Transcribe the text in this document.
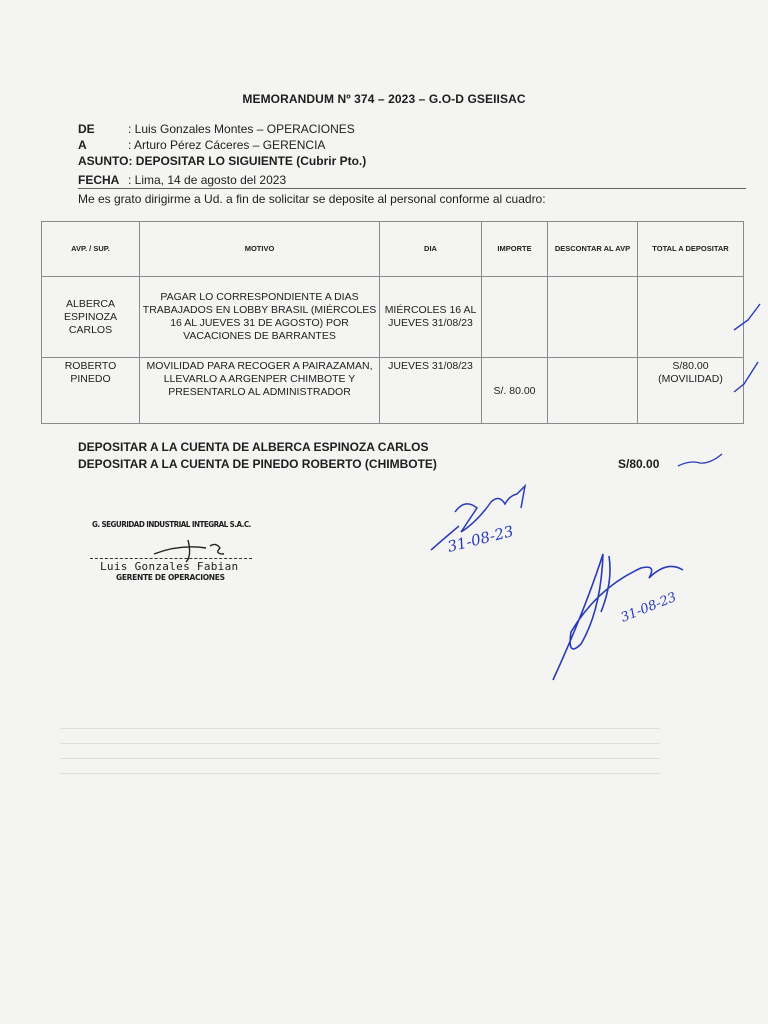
MEMORANDUM Nº 374 – 2023 – G.O-D GSEIISAC
DE	: Luis Gonzales Montes – OPERACIONES
A	: Arturo Pérez Cáceres – GERENCIA
ASUNTO: DEPOSITAR LO SIGUIENTE (Cubrir Pto.)
FECHA : Lima, 14 de agosto del 2023
Me es grato dirigirme a Ud. a fin de solicitar se deposite al personal conforme al cuadro:
AVP. / SUP.	MOTIVO	DIA	IMPORTE	DESCONTAR AL AVP	TOTAL A DEPOSITAR
ALBERCA ESPINOZA CARLOS	PAGAR LO CORRESPONDIENTE A DIAS TRABAJADOS EN LOBBY BRASIL (MIÉRCOLES 16 AL JUEVES 31 DE AGOSTO) POR VACACIONES DE BARRANTES	MIÉRCOLES 16 AL JUEVES 31/08/23			
ROBERTO PINEDO	MOVILIDAD PARA RECOGER A PAIRAZAMAN, LLEVARLO A ARGENPER CHIMBOTE Y PRESENTARLO AL ADMINISTRADOR	JUEVES 31/08/23	S/. 80.00		S/80.00 (MOVILIDAD)
DEPOSITAR A LA CUENTA DE ALBERCA ESPINOZA CARLOS
DEPOSITAR A LA CUENTA DE PINEDO ROBERTO (CHIMBOTE)	S/80.00
G. SEGURIDAD INDUSTRIAL INTEGRAL S.A.C.
Luis Gonzales Fabian
GERENTE DE OPERACIONES
31-08-23
31-08-23
